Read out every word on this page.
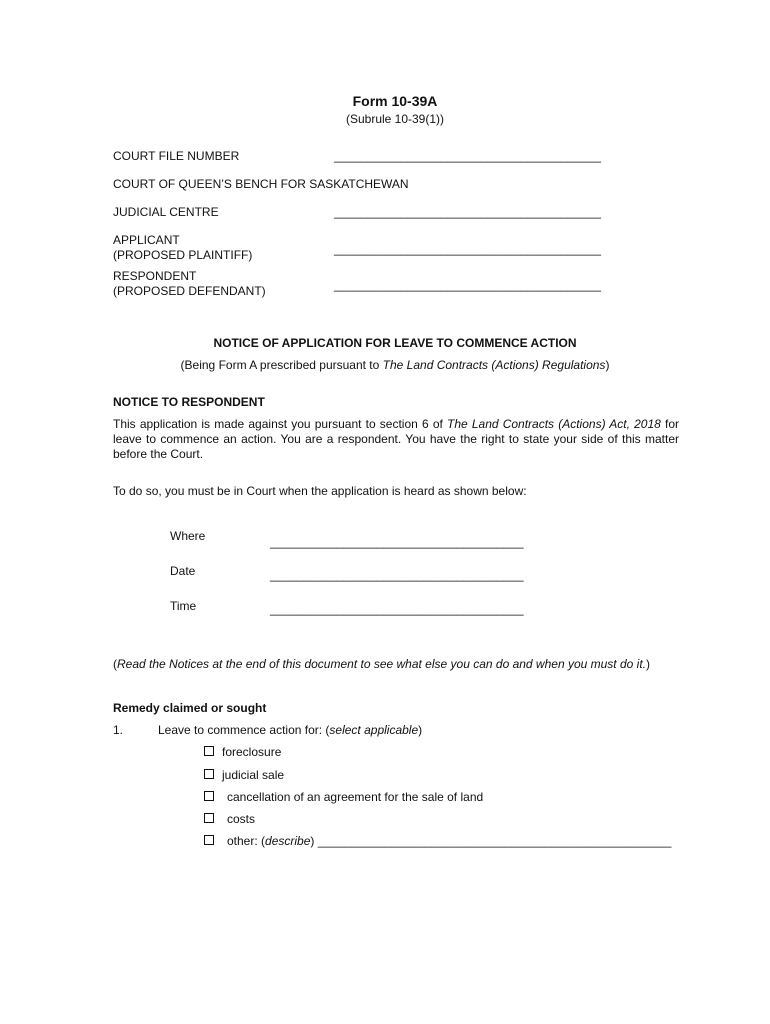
Form 10-39A
(Subrule 10-39(1))
COURT FILE NUMBER	________________________________________
COURT OF QUEEN’S BENCH FOR SASKATCHEWAN
JUDICIAL CENTRE	________________________________________
APPLICANT
(PROPOSED PLAINTIFF)	________________________________________
RESPONDENT
(PROPOSED DEFENDANT)	________________________________________
NOTICE OF APPLICATION FOR LEAVE TO COMMENCE ACTION
(Being Form A prescribed pursuant to The Land Contracts (Actions) Regulations)
NOTICE TO RESPONDENT
This application is made against you pursuant to section 6 of The Land Contracts (Actions) Act, 2018 for leave to commence an action. You are a respondent. You have the right to state your side of this matter before the Court.
To do so, you must be in Court when the application is heard as shown below:
Where	______________________________________
Date	______________________________________
Time	______________________________________
(Read the Notices at the end of this document to see what else you can do and when you must do it.)
Remedy claimed or sought
1.	Leave to commence action for: (select applicable)
foreclosure
judicial sale
cancellation of an agreement for the sale of land
costs
other: (describe) _____________________________________________________
